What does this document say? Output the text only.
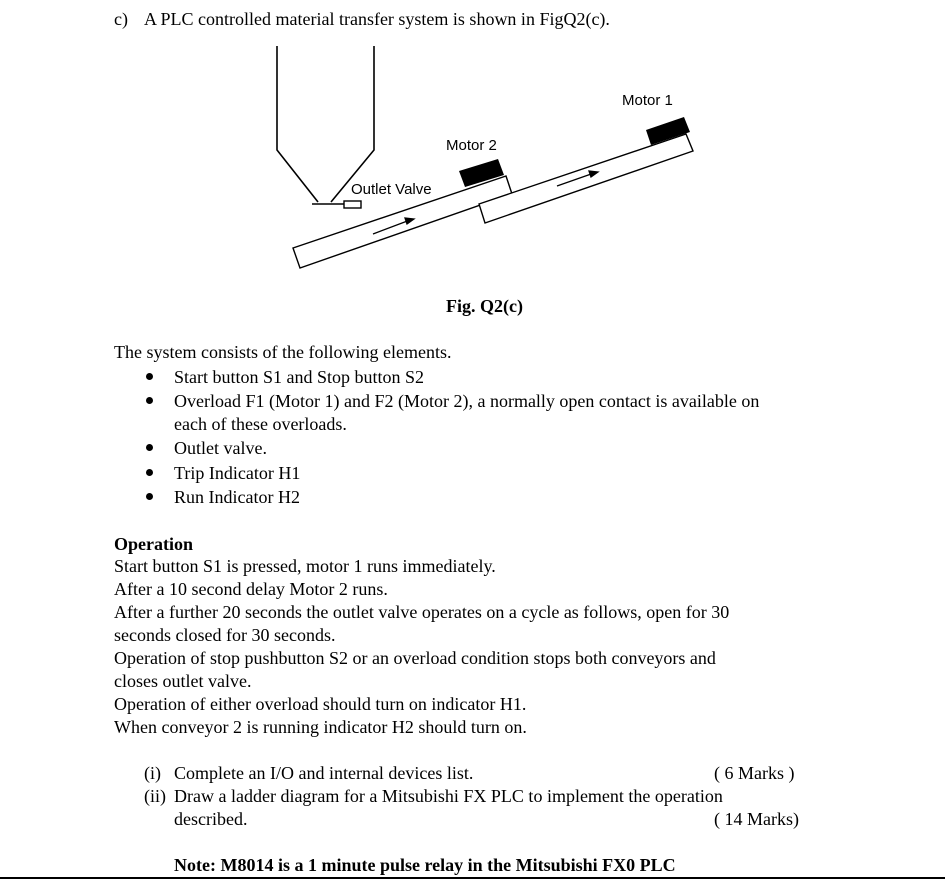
c) A PLC controlled material transfer system is shown in FigQ2(c).
Motor 1
Motor 2
Outlet Valve
Fig. Q2(c)
The system consists of the following elements.
Start button S1 and Stop button S2
Overload F1 (Motor 1) and F2 (Motor 2), a normally open contact is available on
each of these overloads.
Outlet valve.
Trip Indicator H1
Run Indicator H2
Operation
Start button S1 is pressed, motor 1 runs immediately.
After a 10 second delay Motor 2 runs.
After a further 20 seconds the outlet valve operates on a cycle as follows, open for 30
seconds closed for 30 seconds.
Operation of stop pushbutton S2 or an overload condition stops both conveyors and
closes outlet valve.
Operation of either overload should turn on indicator H1.
When conveyor 2 is running indicator H2 should turn on.
(i) Complete an I/O and internal devices list.	( 6 Marks )
(ii) Draw a ladder diagram for a Mitsubishi FX PLC to implement the operation
described.	( 14 Marks)
Note: M8014 is a 1 minute pulse relay in the Mitsubishi FX0 PLC
